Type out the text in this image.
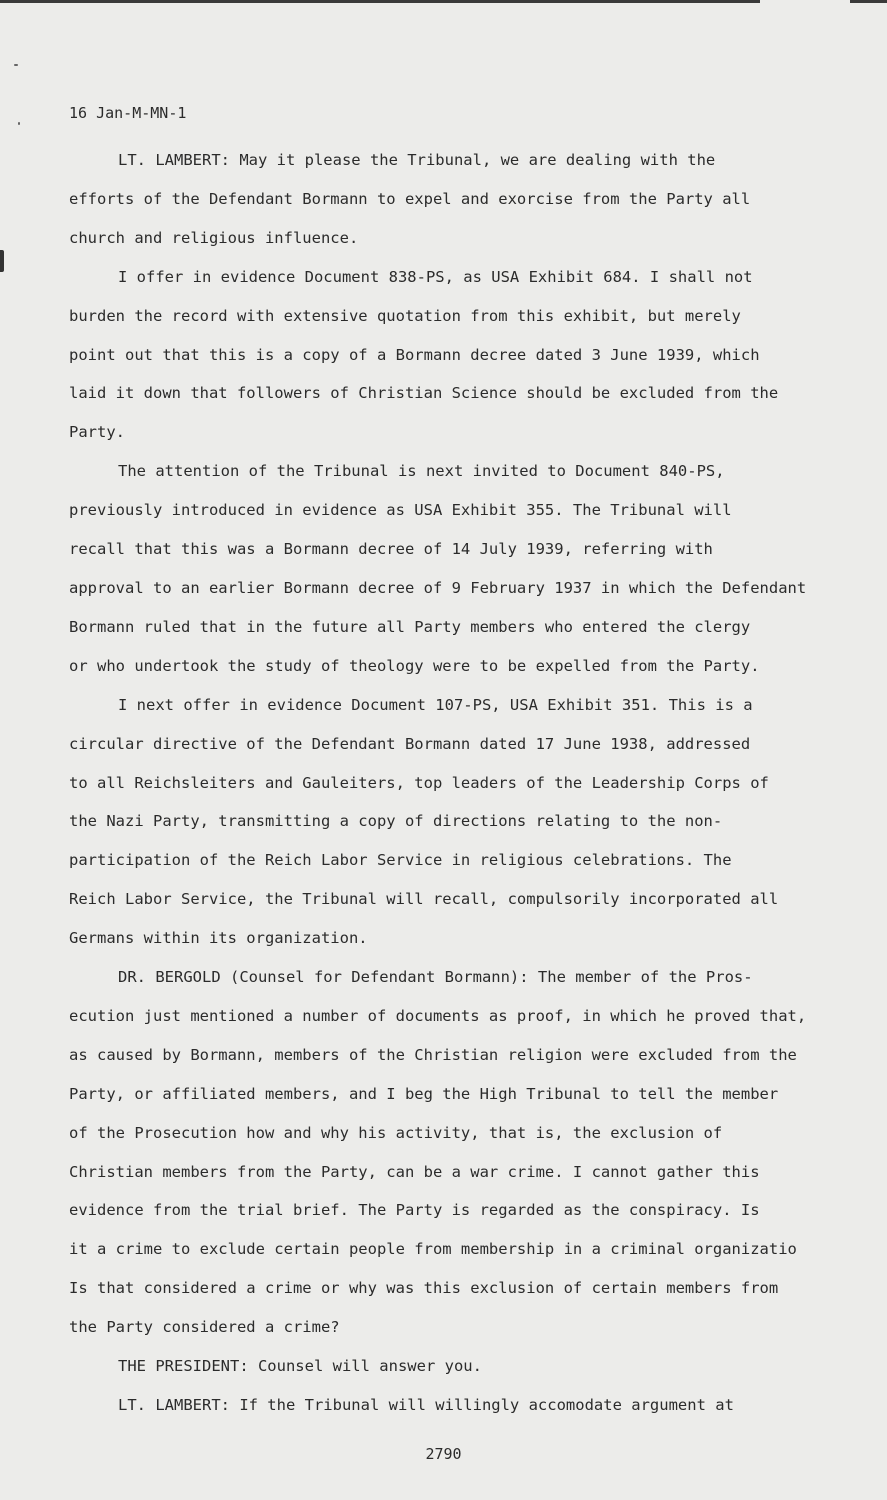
16 Jan-M-MN-1
LT. LAMBERT: May it please the Tribunal, we are dealing with the
efforts of the Defendant Bormann to expel and exorcise from the Party all
church and religious influence.
I offer in evidence Document 838-PS, as USA Exhibit 684. I shall not
burden the record with extensive quotation from this exhibit, but merely
point out that this is a copy of a Bormann decree dated 3 June 1939, which
laid it down that followers of Christian Science should be excluded from the
Party.
The attention of the Tribunal is next invited to Document 840-PS,
previously introduced in evidence as USA Exhibit 355. The Tribunal will
recall that this was a Bormann decree of 14 July 1939, referring with
approval to an earlier Bormann decree of 9 February 1937 in which the Defendant
Bormann ruled that in the future all Party members who entered the clergy
or who undertook the study of theology were to be expelled from the Party.
I next offer in evidence Document 107-PS, USA Exhibit 351. This is a
circular directive of the Defendant Bormann dated 17 June 1938, addressed
to all Reichsleiters and Gauleiters, top leaders of the Leadership Corps of
the Nazi Party, transmitting a copy of directions relating to the non-
participation of the Reich Labor Service in religious celebrations. The
Reich Labor Service, the Tribunal will recall, compulsorily incorporated all
Germans within its organization.
DR. BERGOLD (Counsel for Defendant Bormann): The member of the Pros-
ecution just mentioned a number of documents as proof, in which he proved that,
as caused by Bormann, members of the Christian religion were excluded from the
Party, or affiliated members, and I beg the High Tribunal to tell the member
of the Prosecution how and why his activity, that is, the exclusion of
Christian members from the Party, can be a war crime. I cannot gather this
evidence from the trial brief. The Party is regarded as the conspiracy. Is
it a crime to exclude certain people from membership in a criminal organizatio
Is that considered a crime or why was this exclusion of certain members from
the Party considered a crime?
THE PRESIDENT: Counsel will answer you.
LT. LAMBERT: If the Tribunal will willingly accomodate argument at
2790
